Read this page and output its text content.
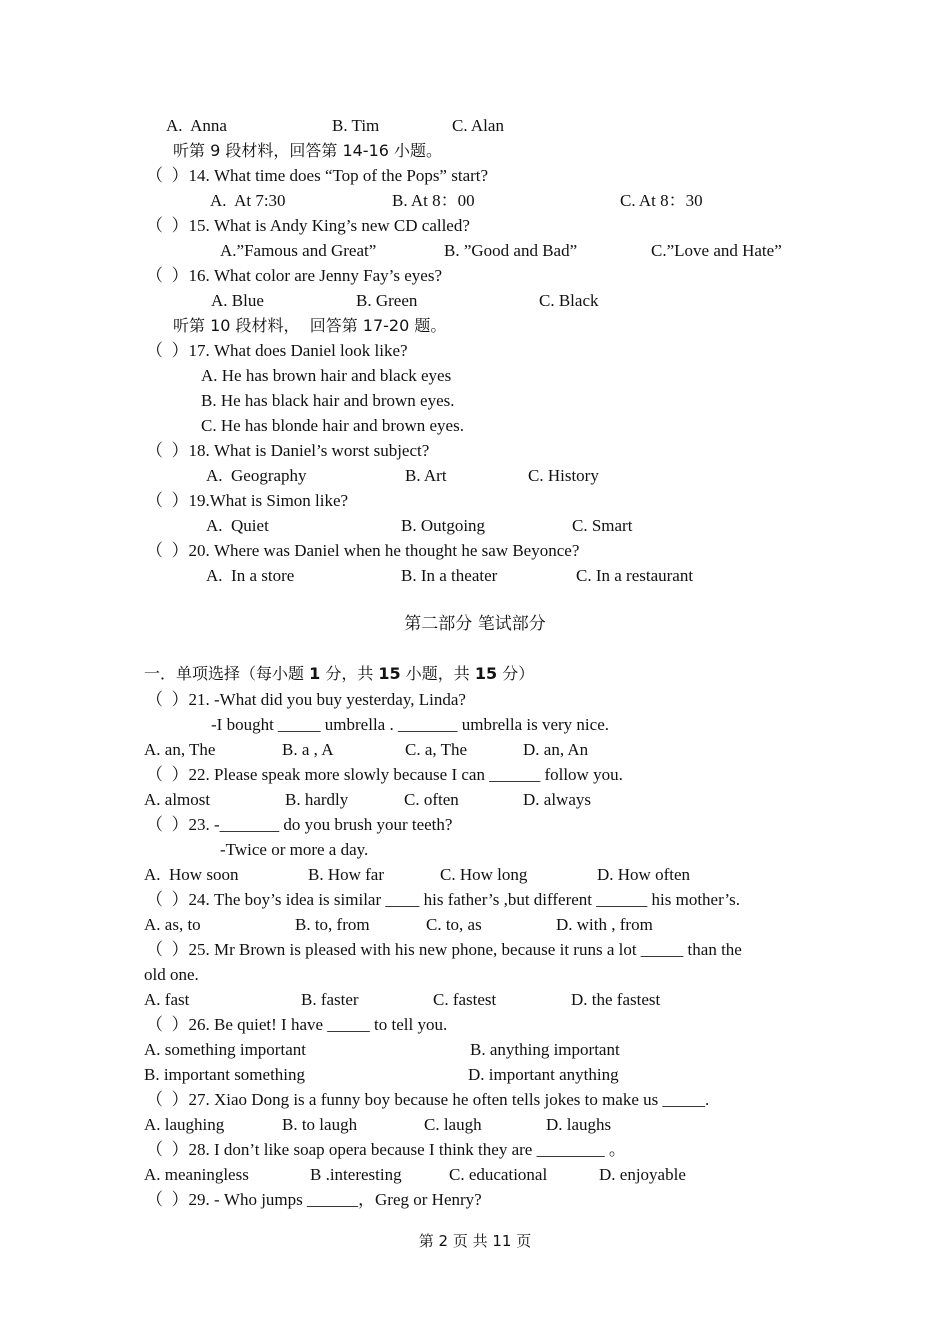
A.  Anna	B. Tim	C. Alan
听第 9 段材料，回答第 14-16 小题。
（  ）14. What time does “Top of the Pops” start?
A.  At 7:30	B. At 8：00	C. At 8：30
（  ）15. What is Andy King’s new CD called?
A.”Famous and Great”	B. ”Good and Bad”	C.”Love and Hate”
（  ）16. What color are Jenny Fay’s eyes?
A. Blue	B. Green	C. Black
听第 10 段材料，  回答第 17-20 题。
（  ）17. What does Daniel look like?
A. He has brown hair and black eyes
B. He has black hair and brown eyes.
C. He has blonde hair and brown eyes.
（  ）18. What is Daniel’s worst subject?
A.  Geography	B. Art	C. History
（  ）19.What is Simon like?
A.  Quiet	B. Outgoing	C. Smart
（  ）20. Where was Daniel when he thought he saw Beyonce?
A.  In a store	B. In a theater	C. In a restaurant
第二部分 笔试部分
一．单项选择（每小题 1 分，共 15 小题，共 15 分）
（  ）21. -What did you buy yesterday, Linda?
-I bought _____ umbrella . _______ umbrella is very nice.
A. an, The	B. a , A	C. a, The	D. an, An
（  ）22. Please speak more slowly because I can ______ follow you.
A. almost	B. hardly	C. often	D. always
（  ）23. -_______ do you brush your teeth?
-Twice or more a day.
A.  How soon	B. How far	C. How long	D. How often
（  ）24. The boy’s idea is similar ____ his father’s ,but different ______ his mother’s.
A. as, to	B. to, from	C. to, as	D. with , from
（  ）25. Mr Brown is pleased with his new phone, because it runs a lot _____ than the
old one.
A. fast	B. faster	C. fastest	D. the fastest
（  ）26. Be quiet! I have _____ to tell you.
A. something important	B. anything important
B. important something	D. important anything
（  ）27. Xiao Dong is a funny boy because he often tells jokes to make us _____.
A. laughing	B. to laugh	C. laugh	D. laughs
（  ）28. I don’t like soap opera because I think they are ________ 。
A. meaningless	B .interesting	C. educational	D. enjoyable
（  ）29. - Who jumps ______，Greg or Henry?
第 2 页 共 11 页
